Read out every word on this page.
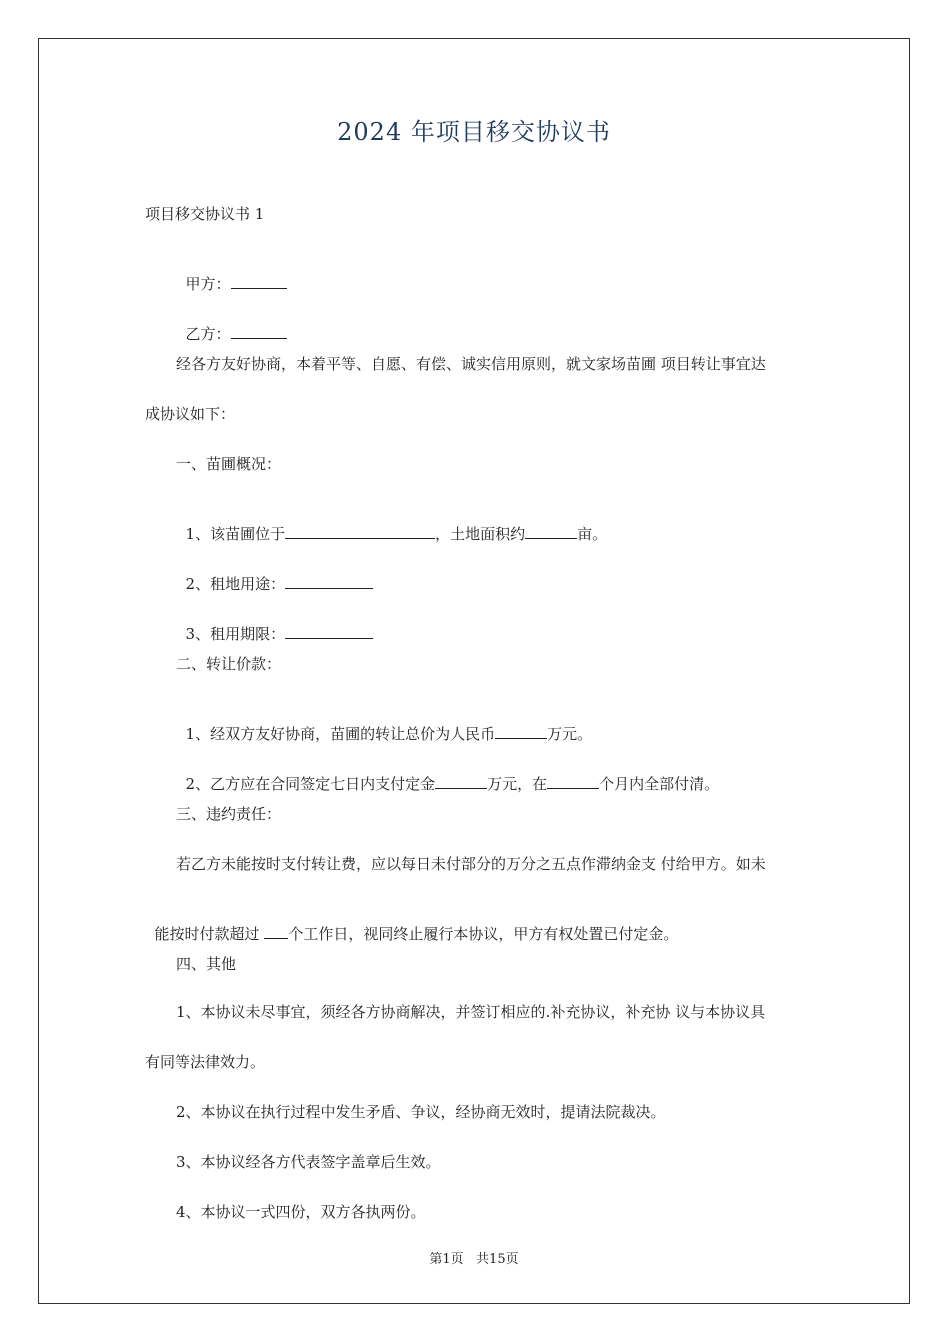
2024 年项目移交协议书
项目移交协议书 1

甲方：

乙方：

经各方友好协商，本着平等、自愿、有偿、诚实信用原则，就文家场苗圃 项目转让事宜达
成协议如下：
一、苗圃概况：

1、该苗圃位于	，土地面积约	亩。

2、租地用途：

3、租用期限：

二、转让价款：

1、经双方友好协商，苗圃的转让总价为人民币	万元。

2、乙方应在合同签定七日内支付定金	万元，在	个月内全部付清。

三、违约责任：
若乙方未能按时支付转让费，应以每日未付部分的万分之五点作滞纳金支 付给甲方。如未

能按时付款超过 个工作日，视同终止履行本协议，甲方有权处置已付定金。

四、其他
1、本协议未尽事宜，须经各方协商解决，并签订相应的.补充协议，补充协 议与本协议具
有同等法律效力。
2、本协议在执行过程中发生矛盾、争议，经协商无效时，提请法院裁决。
3、本协议经各方代表签字盖章后生效。
4、本协议一式四份，双方各执两份。
第1页   共15页
